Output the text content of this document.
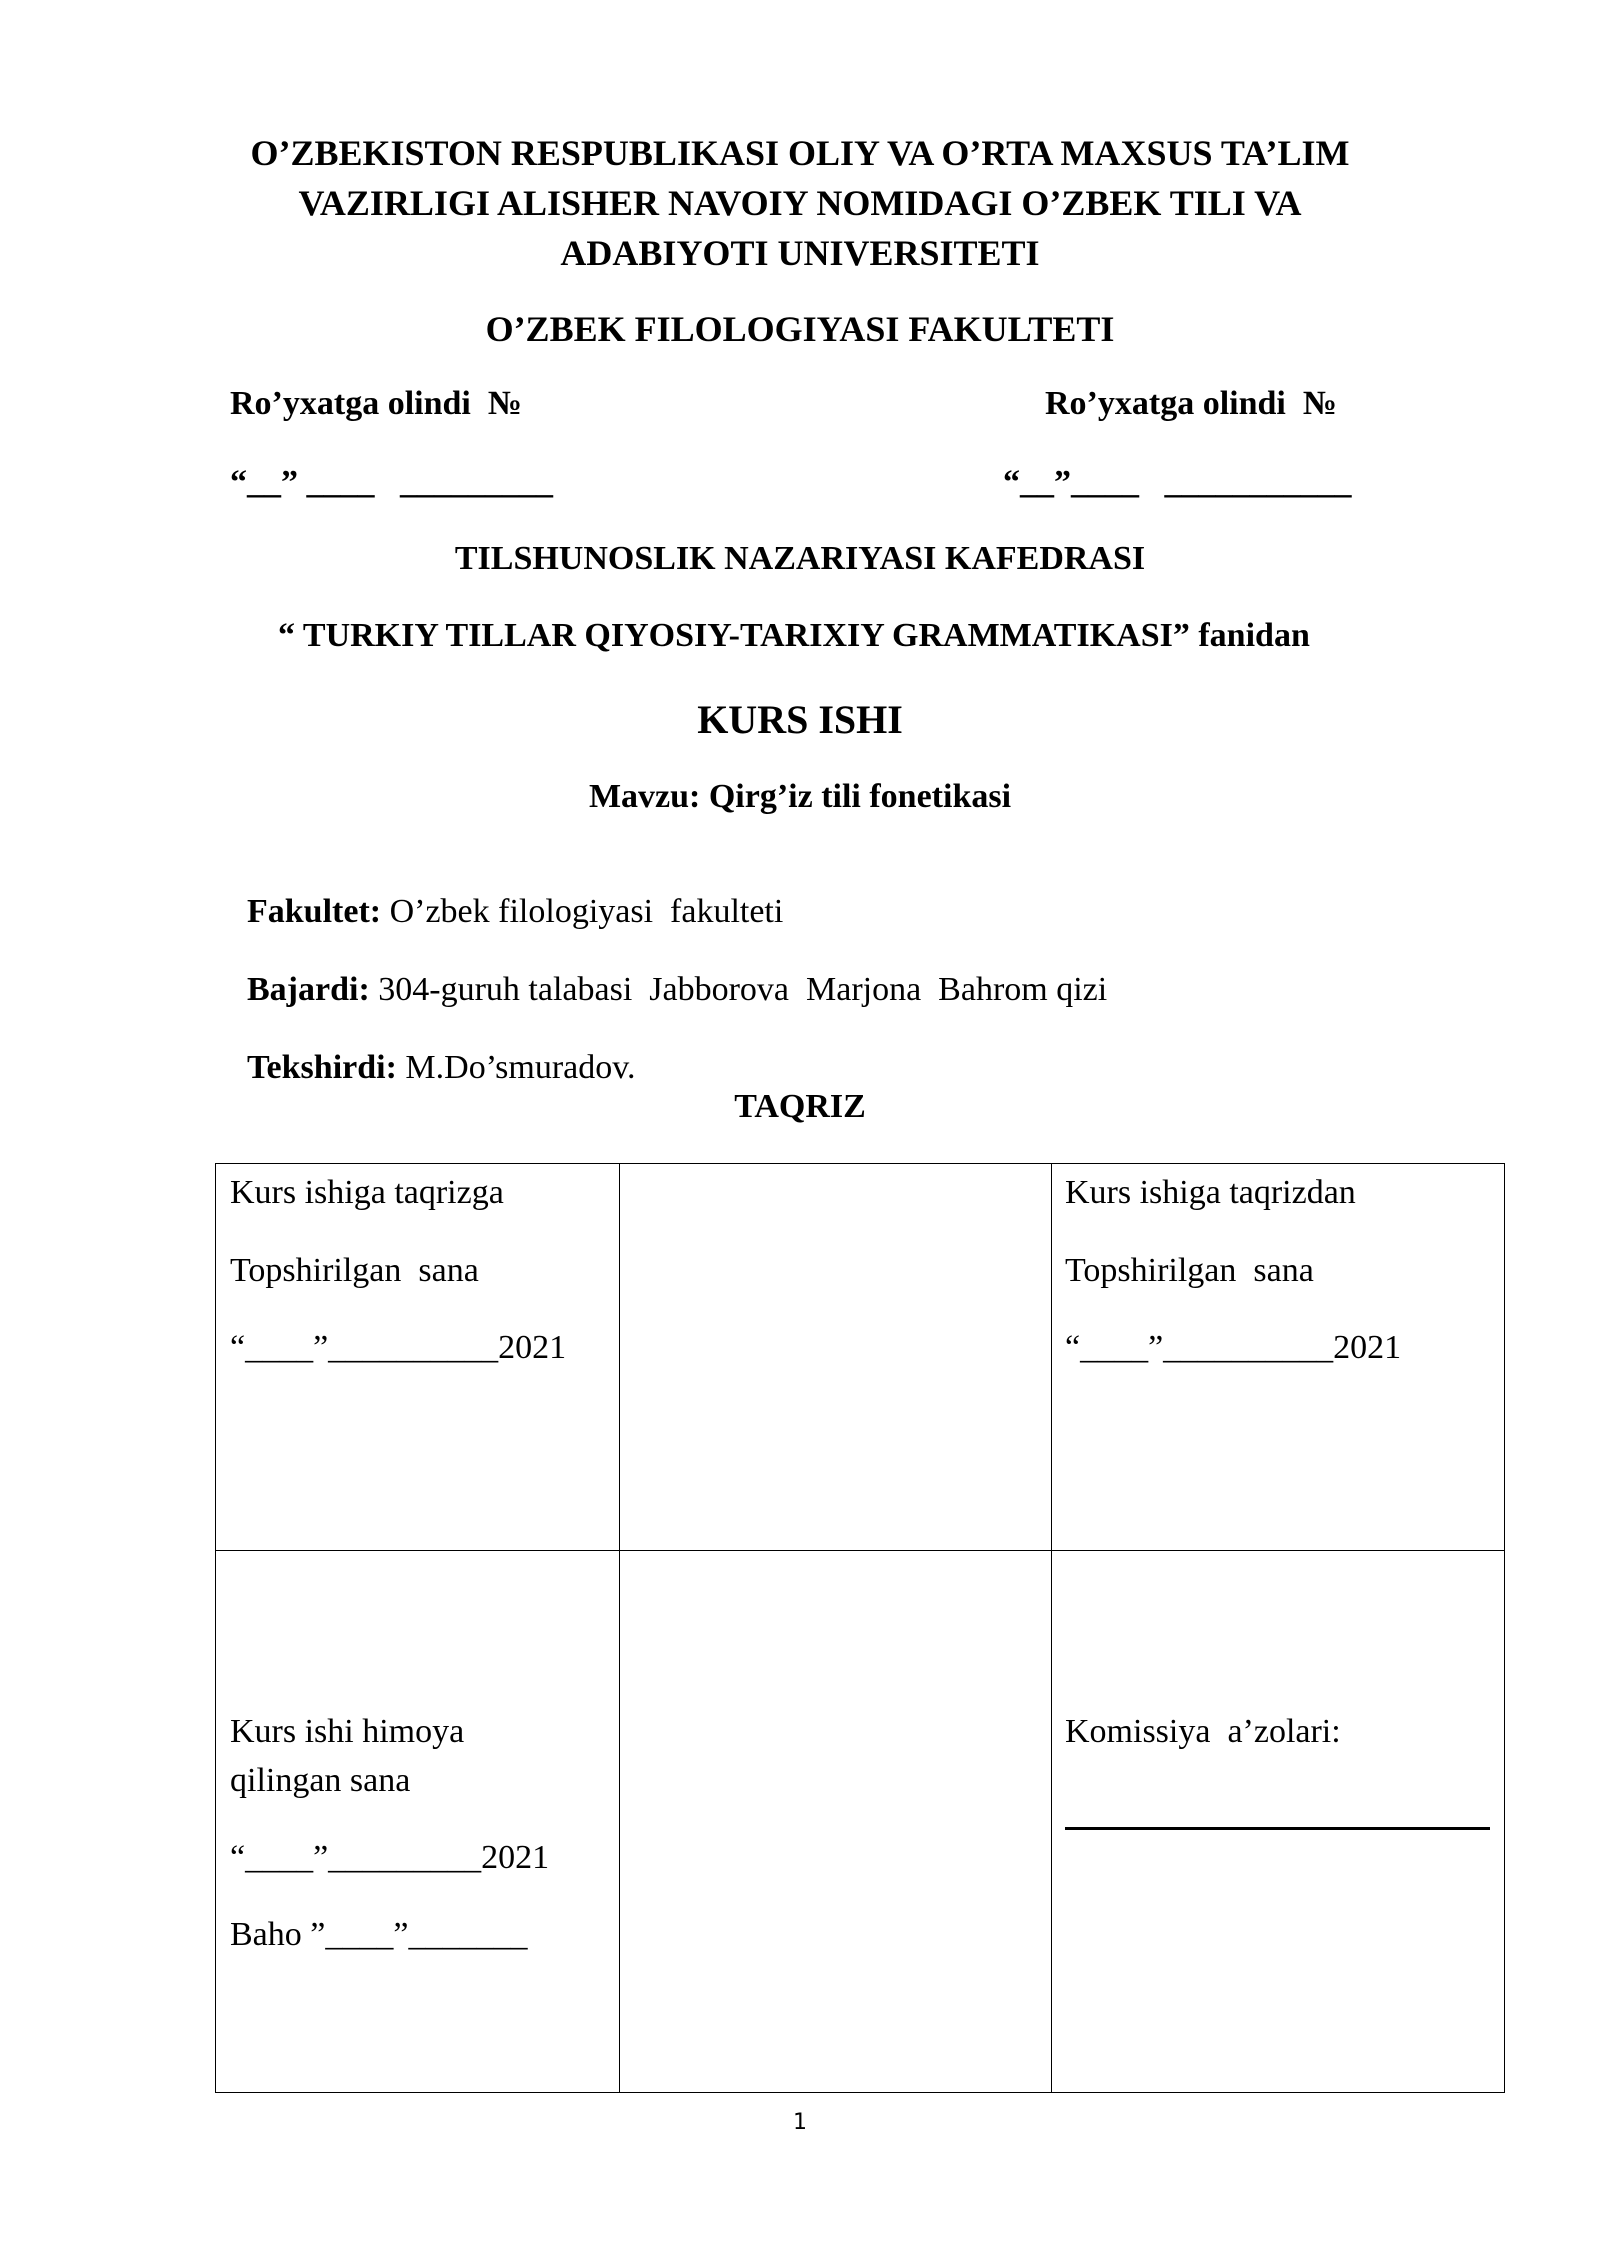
O’ZBEKISTON RESPUBLIKASI OLIY VA O’RTA MAXSUS TA’LIM
VAZIRLIGI ALISHER NAVOIY NOMIDAGI O’ZBEK TILI VA
ADABIYOTI UNIVERSITETI
O’ZBEK FILOLOGIYASI FAKULTETI
Ro’yxatga olindi  №	Ro’yxatga olindi  №
“__” ____   _________	“__”____   ___________
TILSHUNOSLIK NAZARIYASI KAFEDRASI
“ TURKIY TILLAR QIYOSIY-TARIXIY GRAMMATIKASI” fanidan
KURS ISHI
Mavzu: Qirg’iz tili fonetikasi

Fakultet: O’zbek filologiyasi  fakulteti

Bajardi: 304-guruh talabasi  Jabborova  Marjona  Bahrom qizi

Tekshirdi: M.Do’smuradov.

TAQRIZ
Kurs ishiga taqrizga
Topshirilgan  sana
“____”__________2021
Kurs ishiga taqrizdan
Topshirilgan  sana
“____”__________2021
Kurs ishi himoya
qilingan sana
“____”_________2021
Baho ”____”_______
Komissiya  a’zolari:
1
